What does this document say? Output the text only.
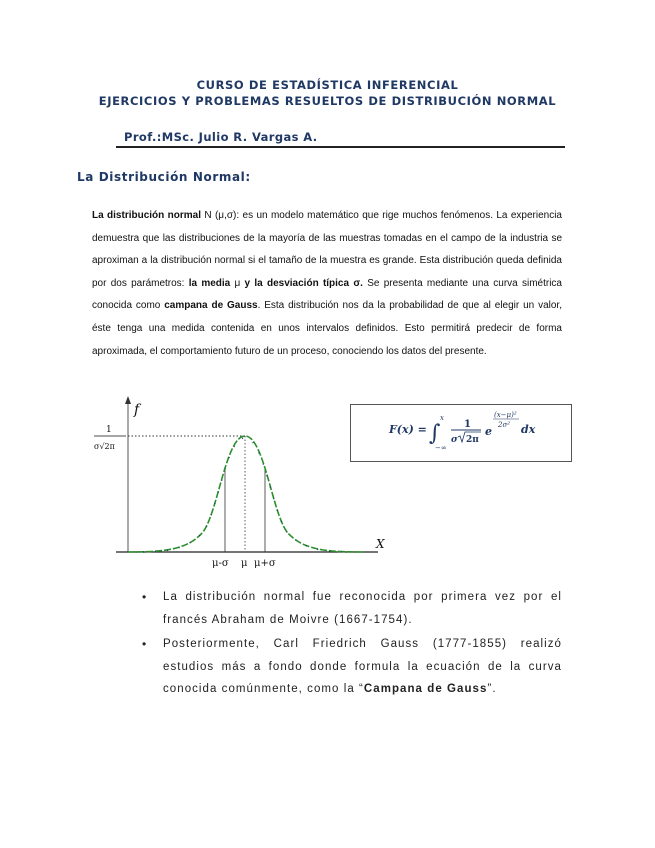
CURSO DE ESTADÍSTICA INFERENCIAL
EJERCICIOS Y PROBLEMAS RESUELTOS DE DISTRIBUCIÓN NORMAL
Prof.:MSc. Julio R. Vargas A.
La Distribución Normal:
La distribución normal N (μ,σ): es un modelo matemático que rige muchos fenómenos. La experiencia demuestra que las distribuciones de la mayoría de las muestras tomadas en el campo de la industria se aproximan a la distribución normal si el tamaño de la muestra es grande. Esta distribución queda definida por dos parámetros: la media μ y la desviación típica σ. Se presenta mediante una curva simétrica conocida como campana de Gauss. Esta distribución nos da la probabilidad de que al elegir un valor, éste tenga una medida contenida en unos intervalos definidos. Esto permitirá predecir de forma aproximada, el comportamiento futuro de un proceso, conociendo los datos del presente.
f
X
1
σ√2π
μ-σ μ μ+σ
F(x) = ∫
x
−∞
1
σ 2π
e
(x−μ)²
2σ² dx
• La distribución normal fue reconocida por primera vez por el francés Abraham de Moivre (1667-1754).
• Posteriormente, Carl Friedrich Gauss (1777-1855) realizó estudios más a fondo donde formula la ecuación de la curva conocida comúnmente, como la “Campana de Gauss”.
